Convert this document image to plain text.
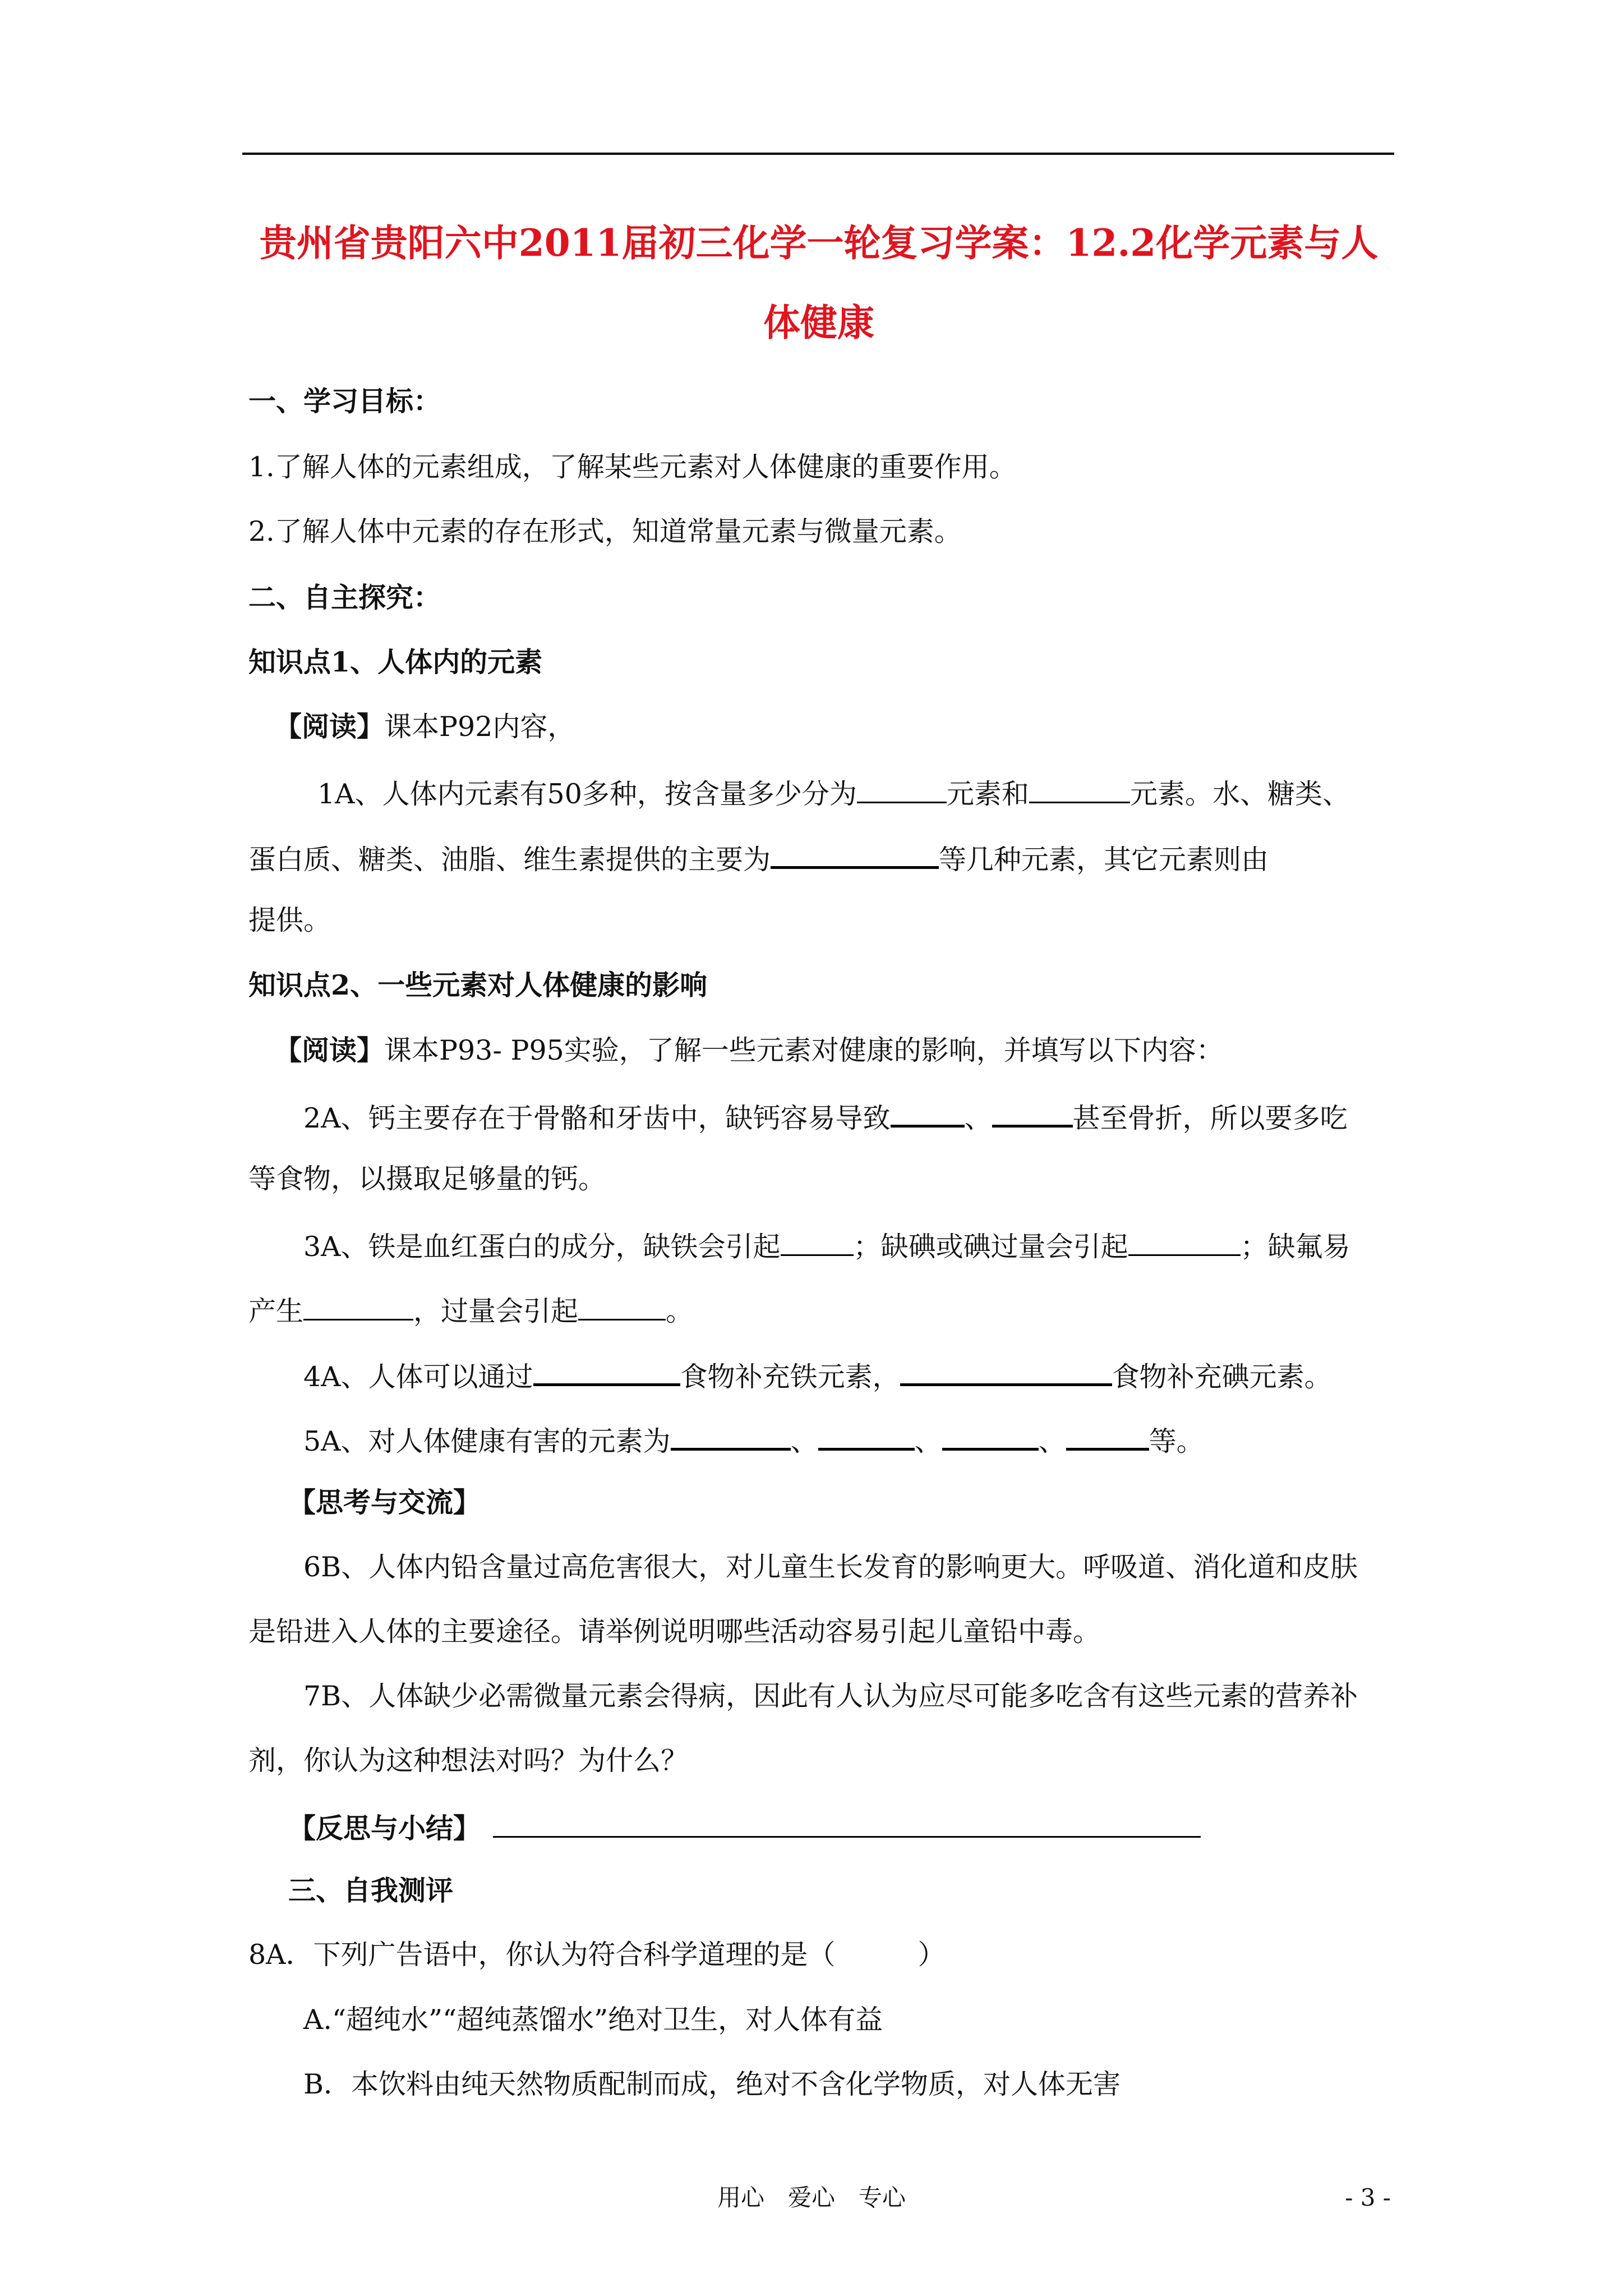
贵州省贵阳六中2011届初三化学一轮复习学案：12.2化学元素与人
体健康
一、学习目标：
1.了解人体的元素组成，了解某些元素对人体健康的重要作用。
2.了解人体中元素的存在形式，知道常量元素与微量元素。
二、自主探究：
知识点1、人体内的元素
【阅读】课本P92内容，
1A、人体内元素有50多种，按含量多少分为	元素和	元素。水、糖类、
蛋白质、糖类、油脂、维生素提供的主要为	等几种元素，其它元素则由
提供。
知识点2、一些元素对人体健康的影响
【阅读】课本P93- P95实验，了解一些元素对健康的影响，并填写以下内容：
2A、钙主要存在于骨骼和牙齿中，缺钙容易导致	、	甚至骨折，所以要多吃
等食物，以摄取足够量的钙。
3A、铁是血红蛋白的成分，缺铁会引起	；缺碘或碘过量会引起	；缺氟易
产生	，过量会引起	。
4A、人体可以通过	食物补充铁元素，	食物补充碘元素。
5A、对人体健康有害的元素为	、	、	、	等。
【思考与交流】
6B、人体内铅含量过高危害很大，对儿童生长发育的影响更大。呼吸道、消化道和皮肤
是铅进入人体的主要途径。请举例说明哪些活动容易引起儿童铅中毒。
7B、人体缺少必需微量元素会得病，因此有人认为应尽可能多吃含有这些元素的营养补
剂，你认为这种想法对吗？为什么？
【反思与小结】
三、自我测评
8A．下列广告语中，你认为符合科学道理的是（　　　）
A.“超纯水”“超纯蒸馏水”绝对卫生，对人体有益
B．本饮料由纯天然物质配制而成，绝对不含化学物质，对人体无害
用心　爱心　专心	- 3 -
